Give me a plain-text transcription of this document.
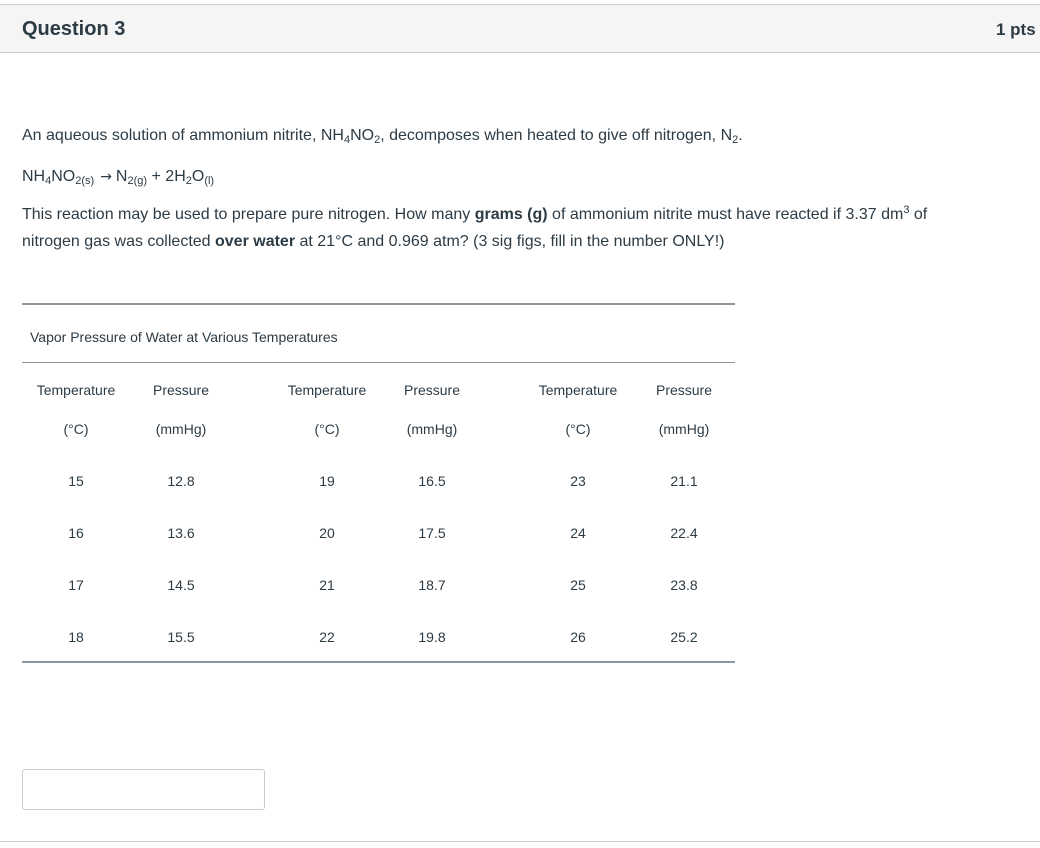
Question 3	1 pts

An aqueous solution of ammonium nitrite, $NH_4NO_2$, decomposes when heated to give off nitrogen, $N_2$.

$NH_4NO_{2(s)} \to N_{2(g)} + 2H_2O_{(l)}$

This reaction may be used to prepare pure nitrogen. How many grams (g) of ammonium nitrite must have reacted if 3.37 $dm^3$ of nitrogen gas was collected over water at 21°C and 0.969 atm? (3 sig figs, fill in the number ONLY!)

Vapor Pressure of Water at Various Temperatures
Temperature	Pressure	Temperature	Pressure	Temperature	Pressure
(°C)	(mmHg)	(°C)	(mmHg)	(°C)	(mmHg)
15	12.8	19	16.5	23	21.1
16	13.6	20	17.5	24	22.4
17	14.5	21	18.7	25	23.8
18	15.5	22	19.8	26	25.2
